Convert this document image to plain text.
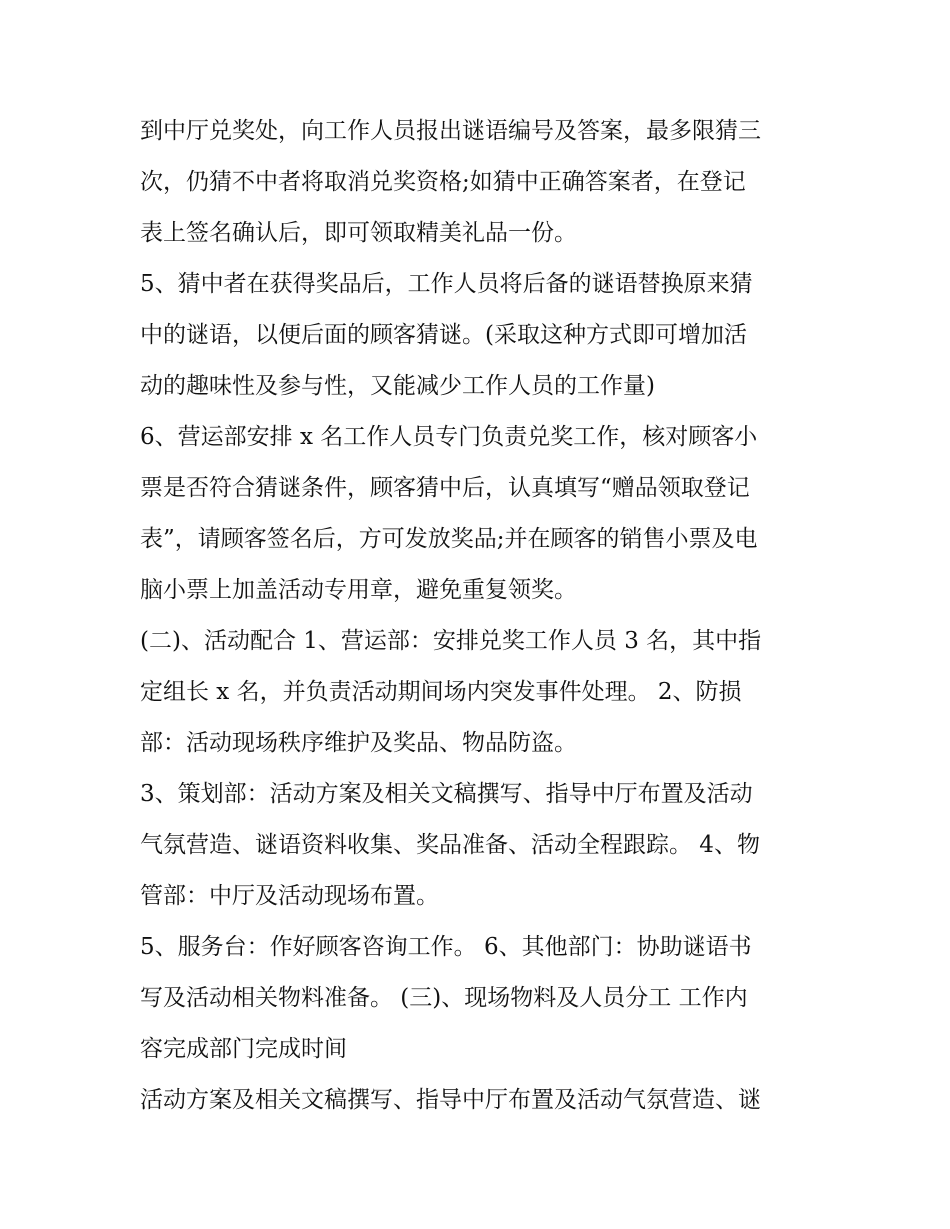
到中厅兑奖处，向工作人员报出谜语编号及答案，最多限猜三
次，仍猜不中者将取消兑奖资格;如猜中正确答案者，在登记
表上签名确认后，即可领取精美礼品一份。
5、猜中者在获得奖品后，工作人员将后备的谜语替换原来猜
中的谜语，以便后面的顾客猜谜。(采取这种方式即可增加活
动的趣味性及参与性，又能减少工作人员的工作量)
6、营运部安排 x 名工作人员专门负责兑奖工作，核对顾客小
票是否符合猜谜条件，顾客猜中后，认真填写“赠品领取登记
表”，请顾客签名后，方可发放奖品;并在顾客的销售小票及电
脑小票上加盖活动专用章，避免重复领奖。
(二)、活动配合 1、营运部：安排兑奖工作人员 3 名，其中指
定组长 x 名，并负责活动期间场内突发事件处理。 2、防损
部：活动现场秩序维护及奖品、物品防盗。
3、策划部：活动方案及相关文稿撰写、指导中厅布置及活动
气氛营造、谜语资料收集、奖品准备、活动全程跟踪。 4、物
管部：中厅及活动现场布置。
5、服务台：作好顾客咨询工作。 6、其他部门：协助谜语书
写及活动相关物料准备。 (三)、现场物料及人员分工 工作内
容完成部门完成时间
活动方案及相关文稿撰写、指导中厅布置及活动气氛营造、谜
